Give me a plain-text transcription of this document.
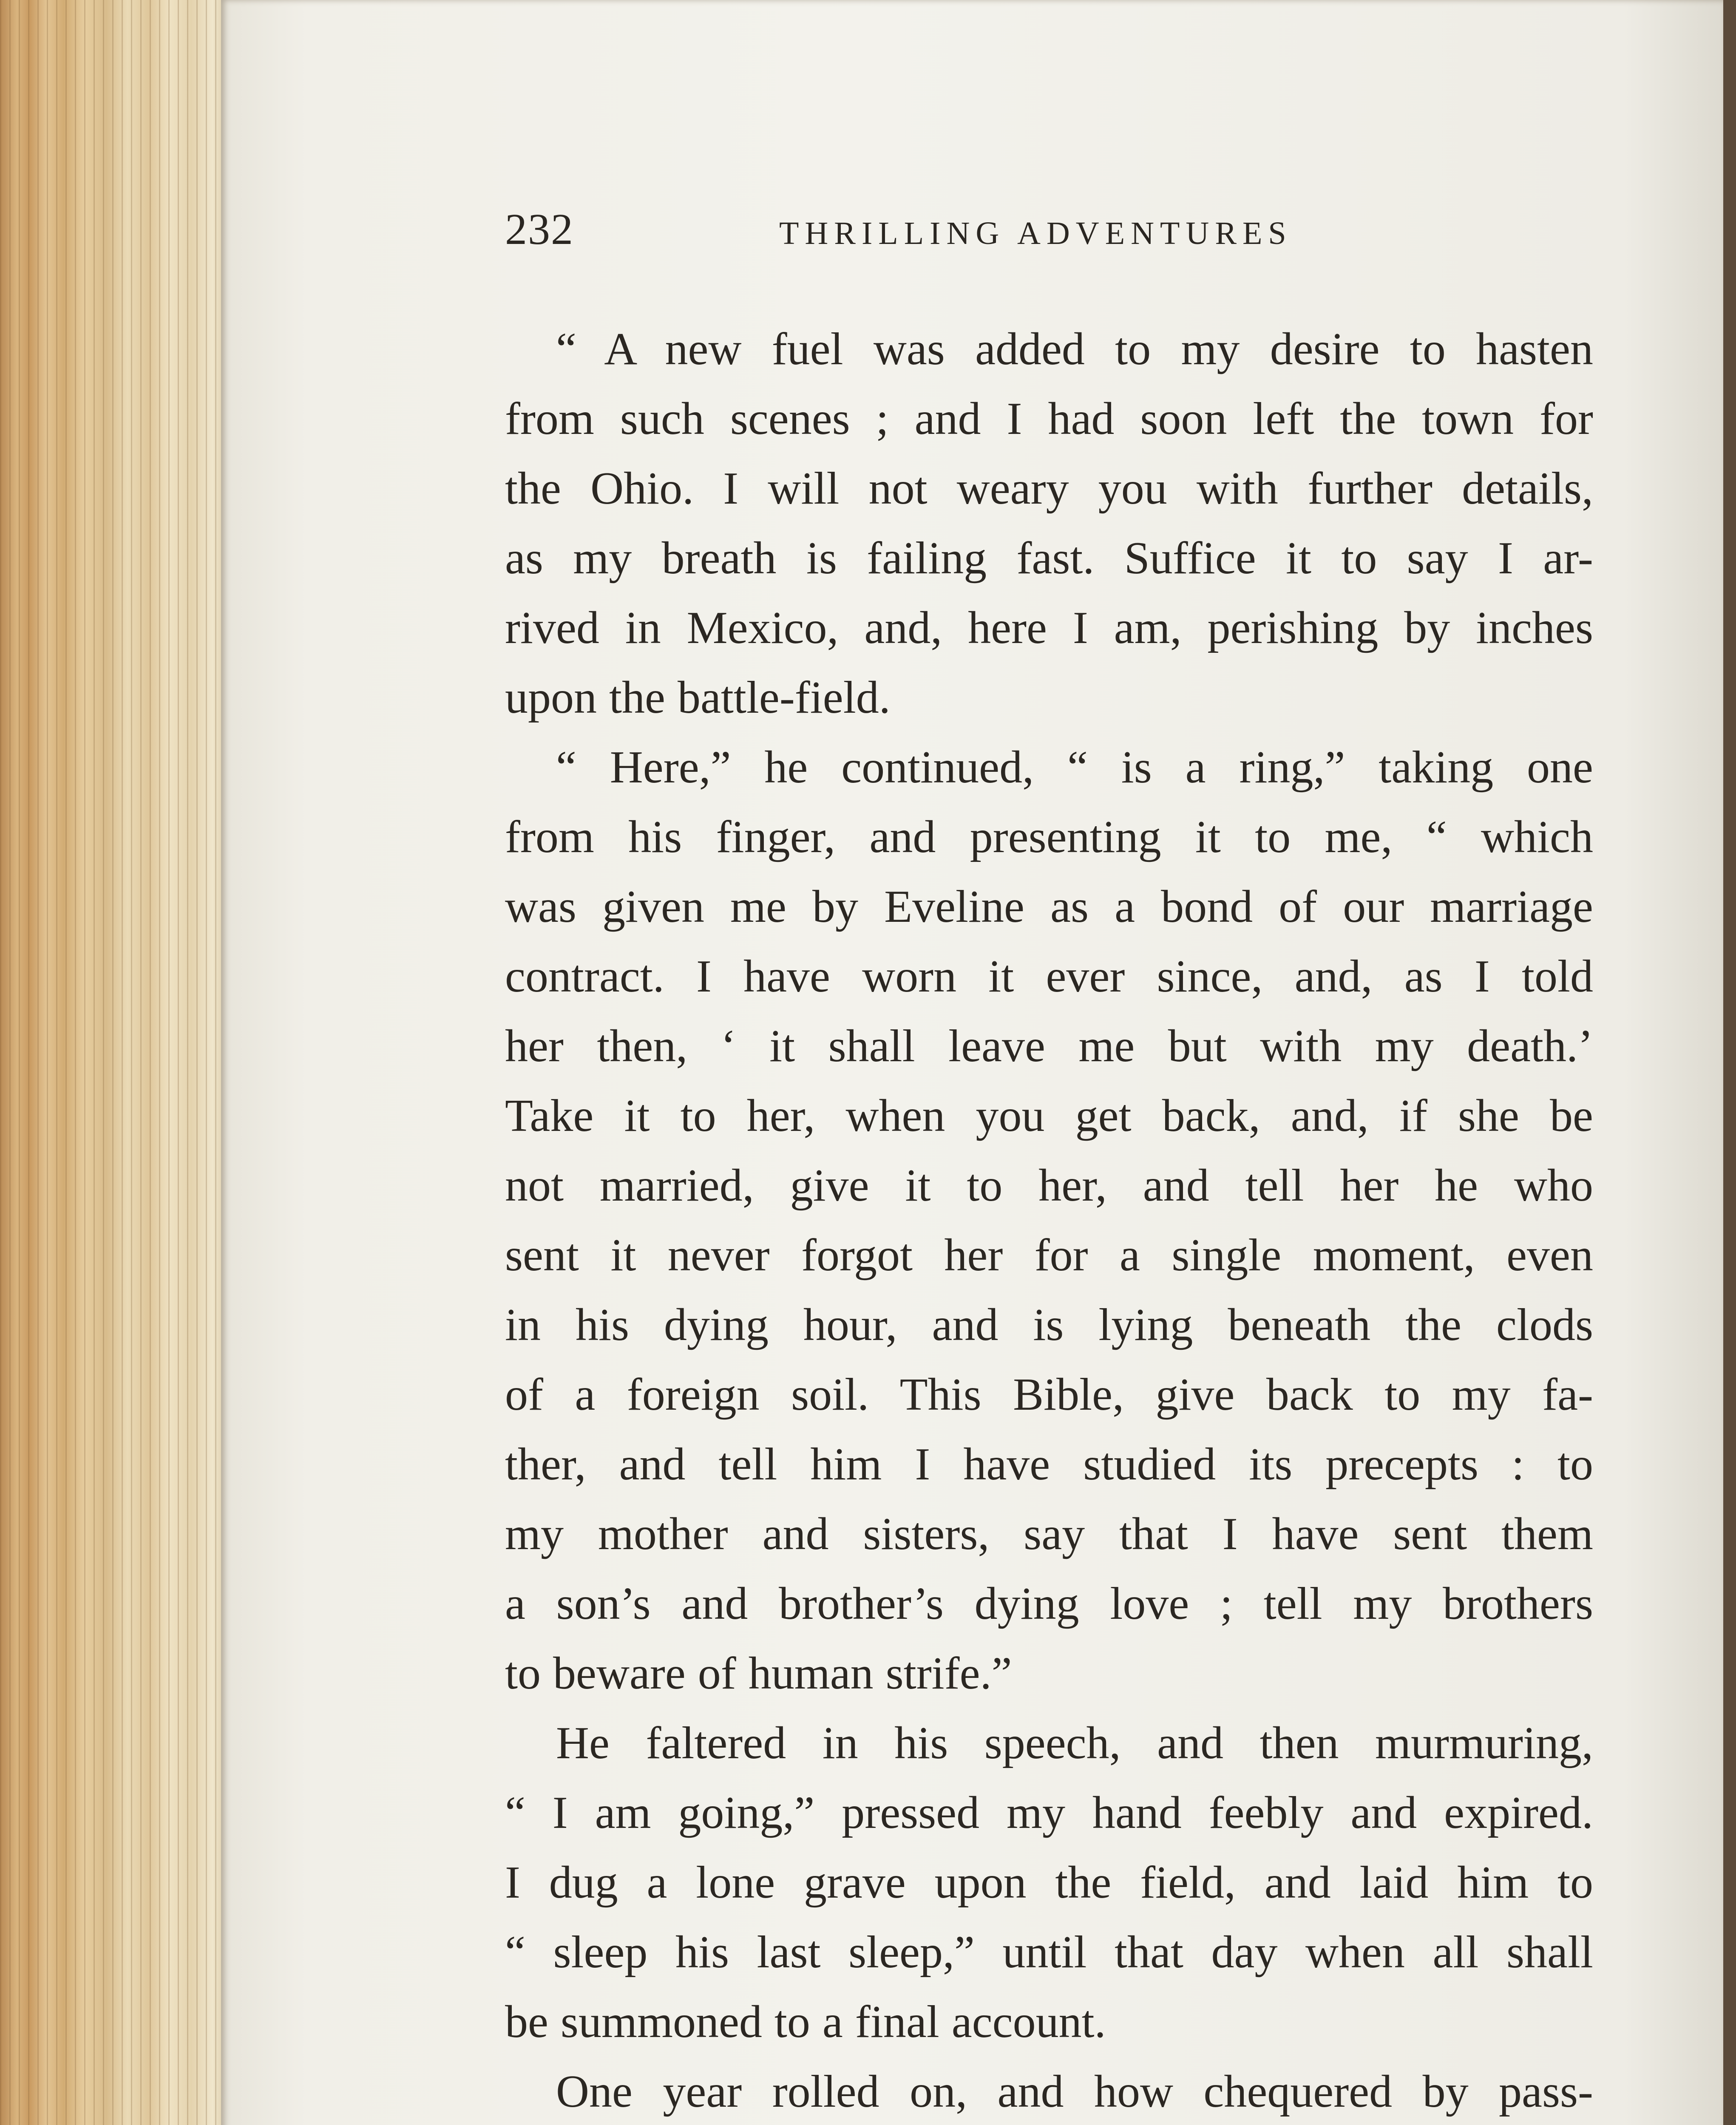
232	THRILLING ADVENTURES
“ A new fuel was added to my desire to hasten
from such scenes ; and I had soon left the town for
the Ohio. I will not weary you with further details,
as my breath is failing fast. Suffice it to say I ar-
rived in Mexico, and, here I am, perishing by inches
upon the battle-field.
“ Here,” he continued, “ is a ring,” taking one
from his finger, and presenting it to me, “ which
was given me by Eveline as a bond of our marriage
contract. I have worn it ever since, and, as I told
her then, ‘ it shall leave me but with my death.’
Take it to her, when you get back, and, if she be
not married, give it to her, and tell her he who
sent it never forgot her for a single moment, even
in his dying hour, and is lying beneath the clods
of a foreign soil. This Bible, give back to my fa-
ther, and tell him I have studied its precepts : to
my mother and sisters, say that I have sent them
a son’s and brother’s dying love ; tell my brothers
to beware of human strife.”
He faltered in his speech, and then murmuring,
“ I am going,” pressed my hand feebly and expired.
I dug a lone grave upon the field, and laid him to
“ sleep his last sleep,” until that day when all shall
be summoned to a final account.
One year rolled on, and how chequered by pass-
